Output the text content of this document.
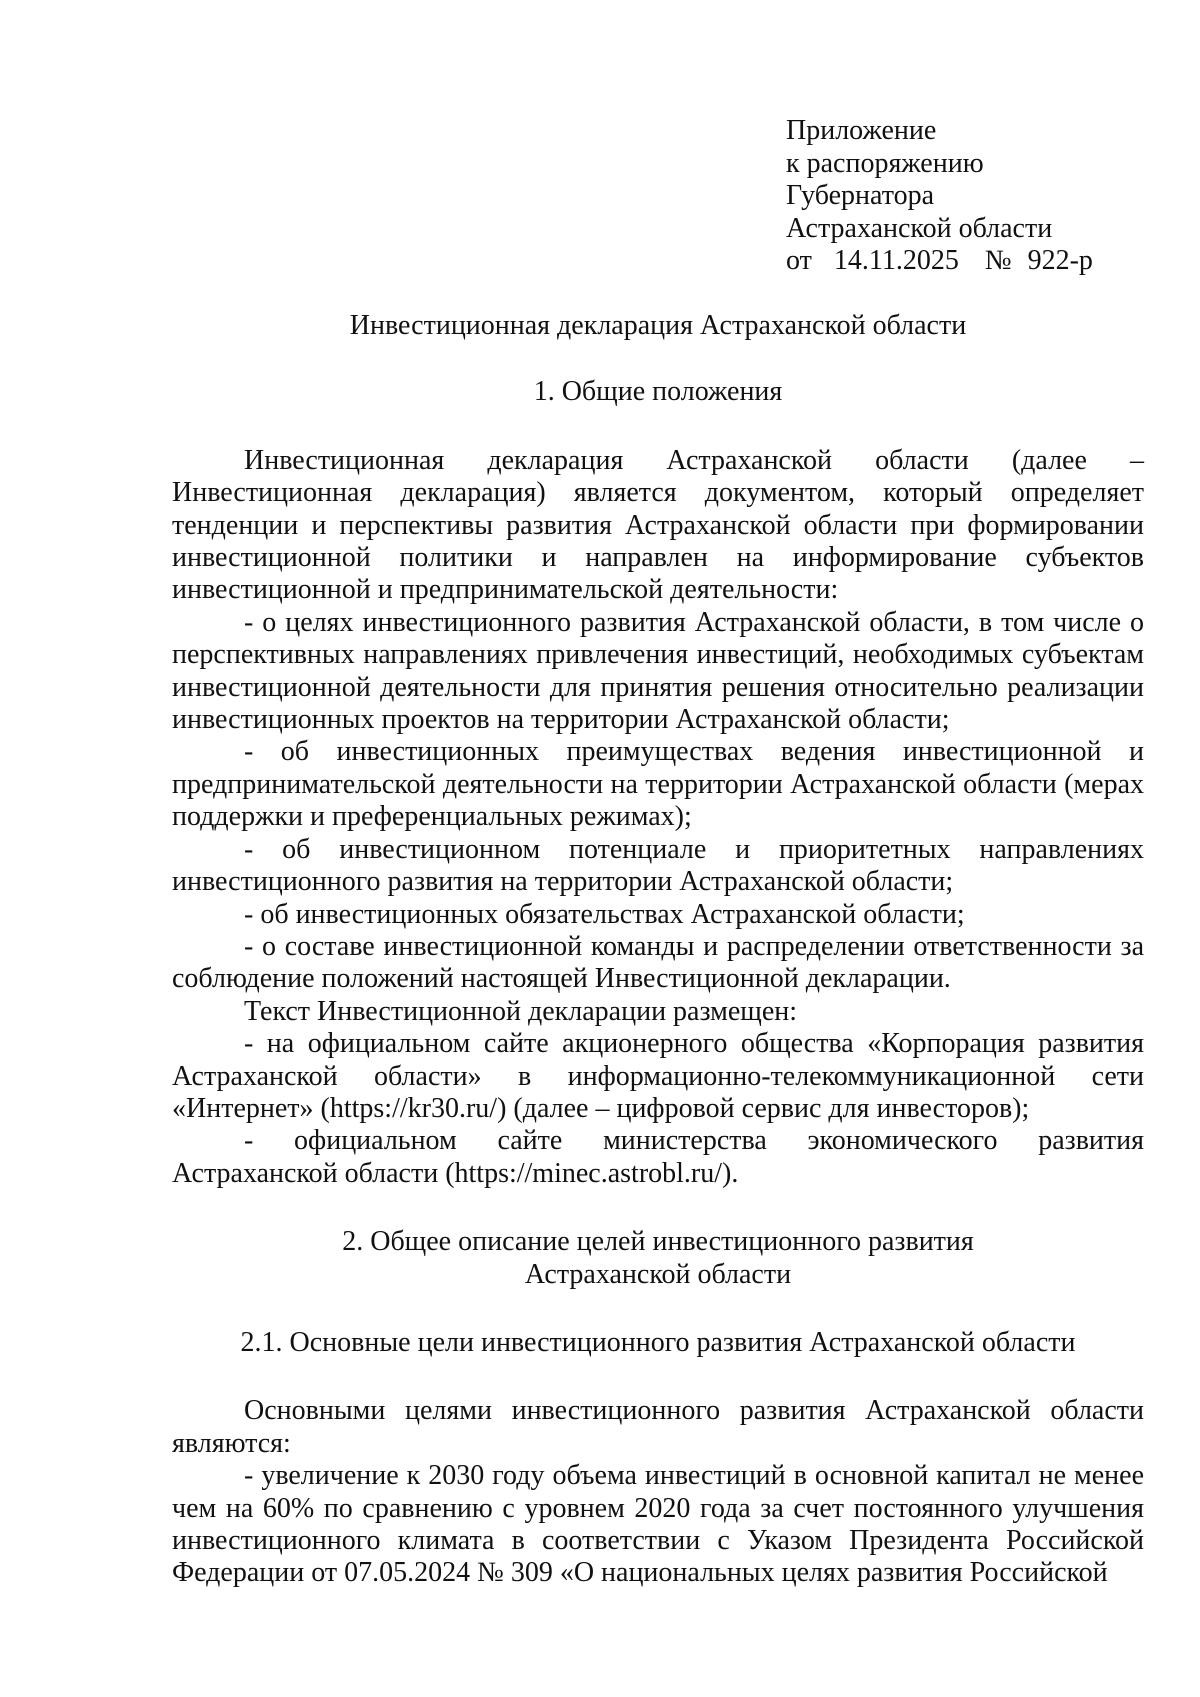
Приложение
к распоряжению
Губернатора
Астраханской области
от 14.11.2025 № 922-р
Инвестиционная декларация Астраханской области
1. Общие положения

Инвестиционная декларация Астраханской области (далее – Инвестиционная декларация) является документом, который определяет тенденции и перспективы развития Астраханской области при формировании инвестиционной политики и направлен на информирование субъектов инвестиционной и предпринимательской деятельности:

- о целях инвестиционного развития Астраханской области, в том числе о перспективных направлениях привлечения инвестиций, необходимых субъектам инвестиционной деятельности для принятия решения относительно реализации инвестиционных проектов на территории Астраханской области;

- об инвестиционных преимуществах ведения инвестиционной и предпринимательской деятельности на территории Астраханской области (мерах поддержки и преференциальных режимах);

- об инвестиционном потенциале и приоритетных направлениях инвестиционного развития на территории Астраханской области;

- об инвестиционных обязательствах Астраханской области;

- о составе инвестиционной команды и распределении ответственности за соблюдение положений настоящей Инвестиционной декларации.

Текст Инвестиционной декларации размещен:

- на официальном сайте акционерного общества «Корпорация развития Астраханской области» в информационно-телекоммуникационной сети «Интернет» (https://kr30.ru/) (далее – цифровой сервис для инвесторов);

- официальном сайте министерства экономического развития Астраханской области (https://minec.astrobl.ru/).

2. Общее описание целей инвестиционного развития
Астраханской области
2.1. Основные цели инвестиционного развития Астраханской области

Основными целями инвестиционного развития Астраханской области являются:

- увеличение к 2030 году объема инвестиций в основной капитал не менее чем на 60% по сравнению с уровнем 2020 года за счет постоянного улучшения инвестиционного климата в соответствии с Указом Президента Российской Федерации от 07.05.2024 № 309 «О национальных целях развития Российской
